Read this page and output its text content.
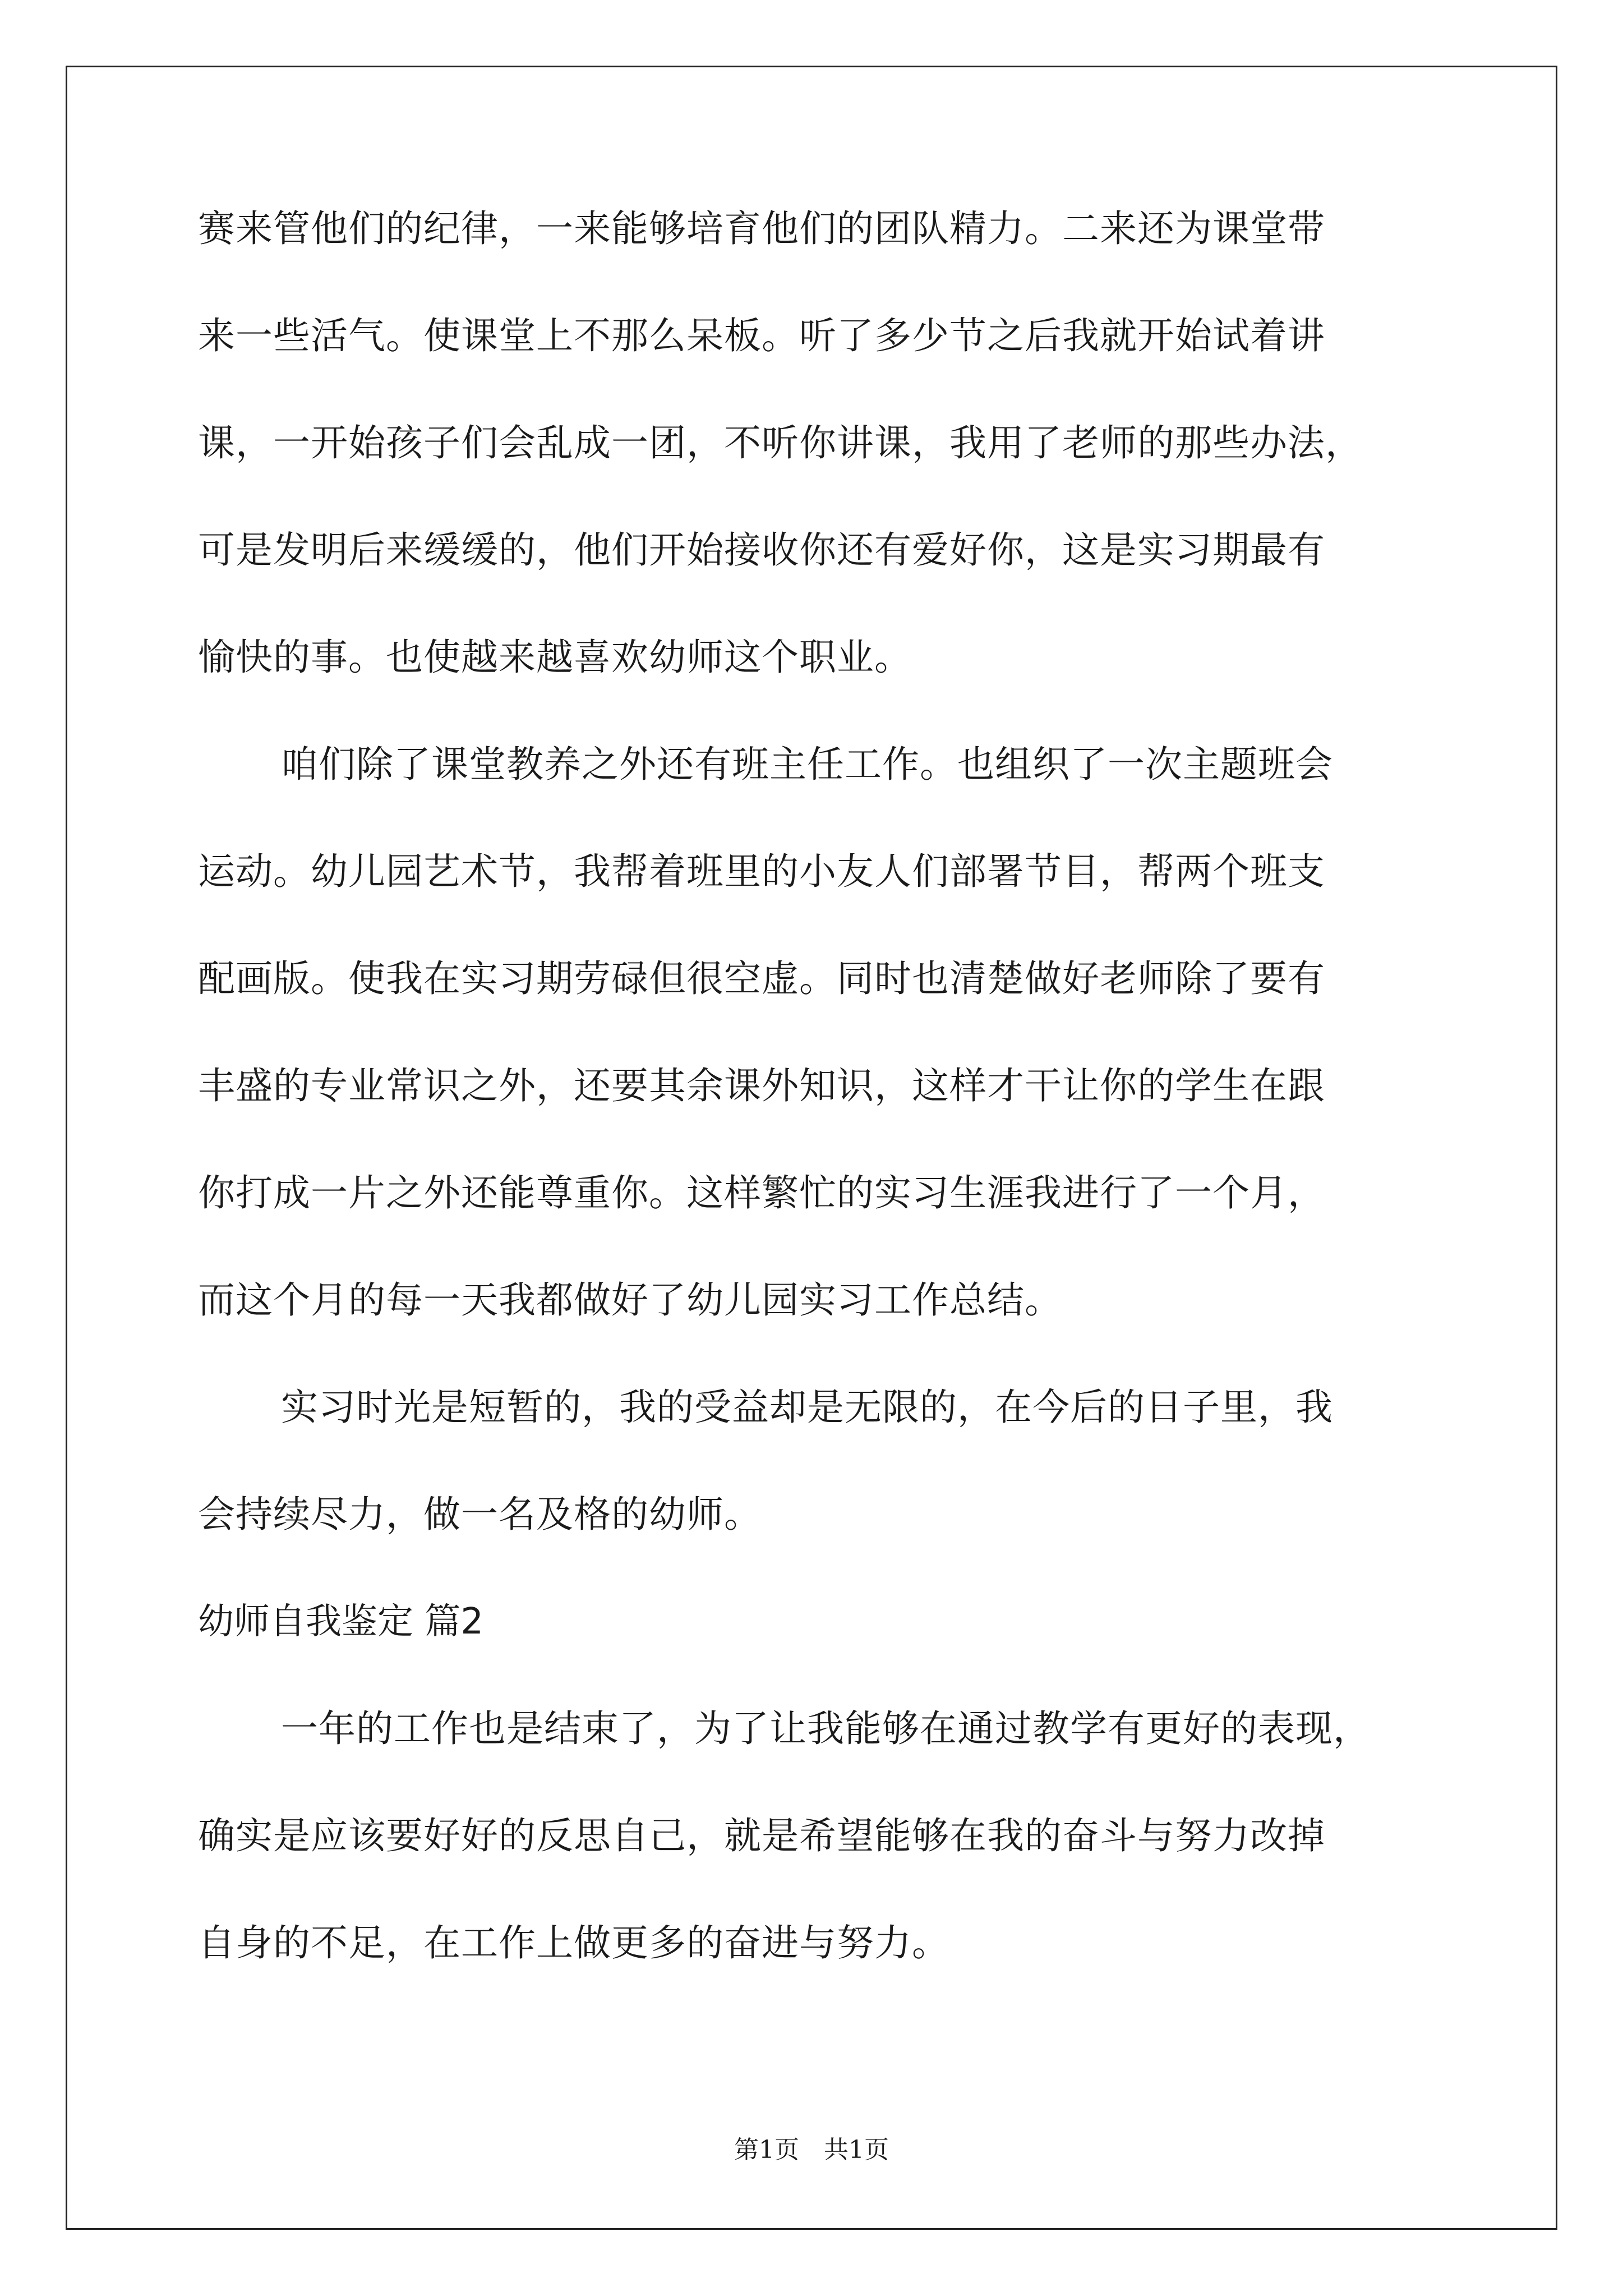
赛来管他们的纪律，一来能够培育他们的团队精力。二来还为课堂带
来一些活气。使课堂上不那么呆板。听了多少节之后我就开始试着讲
课，一开始孩子们会乱成一团，不听你讲课，我用了老师的那些办法，
可是发明后来缓缓的，他们开始接收你还有爱好你，这是实习期最有
愉快的事。也使越来越喜欢幼师这个职业。
咱们除了课堂教养之外还有班主任工作。也组织了一次主题班会
运动。幼儿园艺术节，我帮着班里的小友人们部署节目，帮两个班支
配画版。使我在实习期劳碌但很空虚。同时也清楚做好老师除了要有
丰盛的专业常识之外，还要其余课外知识，这样才干让你的学生在跟
你打成一片之外还能尊重你。这样繁忙的实习生涯我进行了一个月，
而这个月的每一天我都做好了幼儿园实习工作总结。
实习时光是短暂的，我的受益却是无限的，在今后的日子里，我
会持续尽力，做一名及格的幼师。
幼师自我鉴定 篇2
一年的工作也是结束了，为了让我能够在通过教学有更好的表现，
确实是应该要好好的反思自己，就是希望能够在我的奋斗与努力改掉
自身的不足，在工作上做更多的奋进与努力。
第1页　共1页
